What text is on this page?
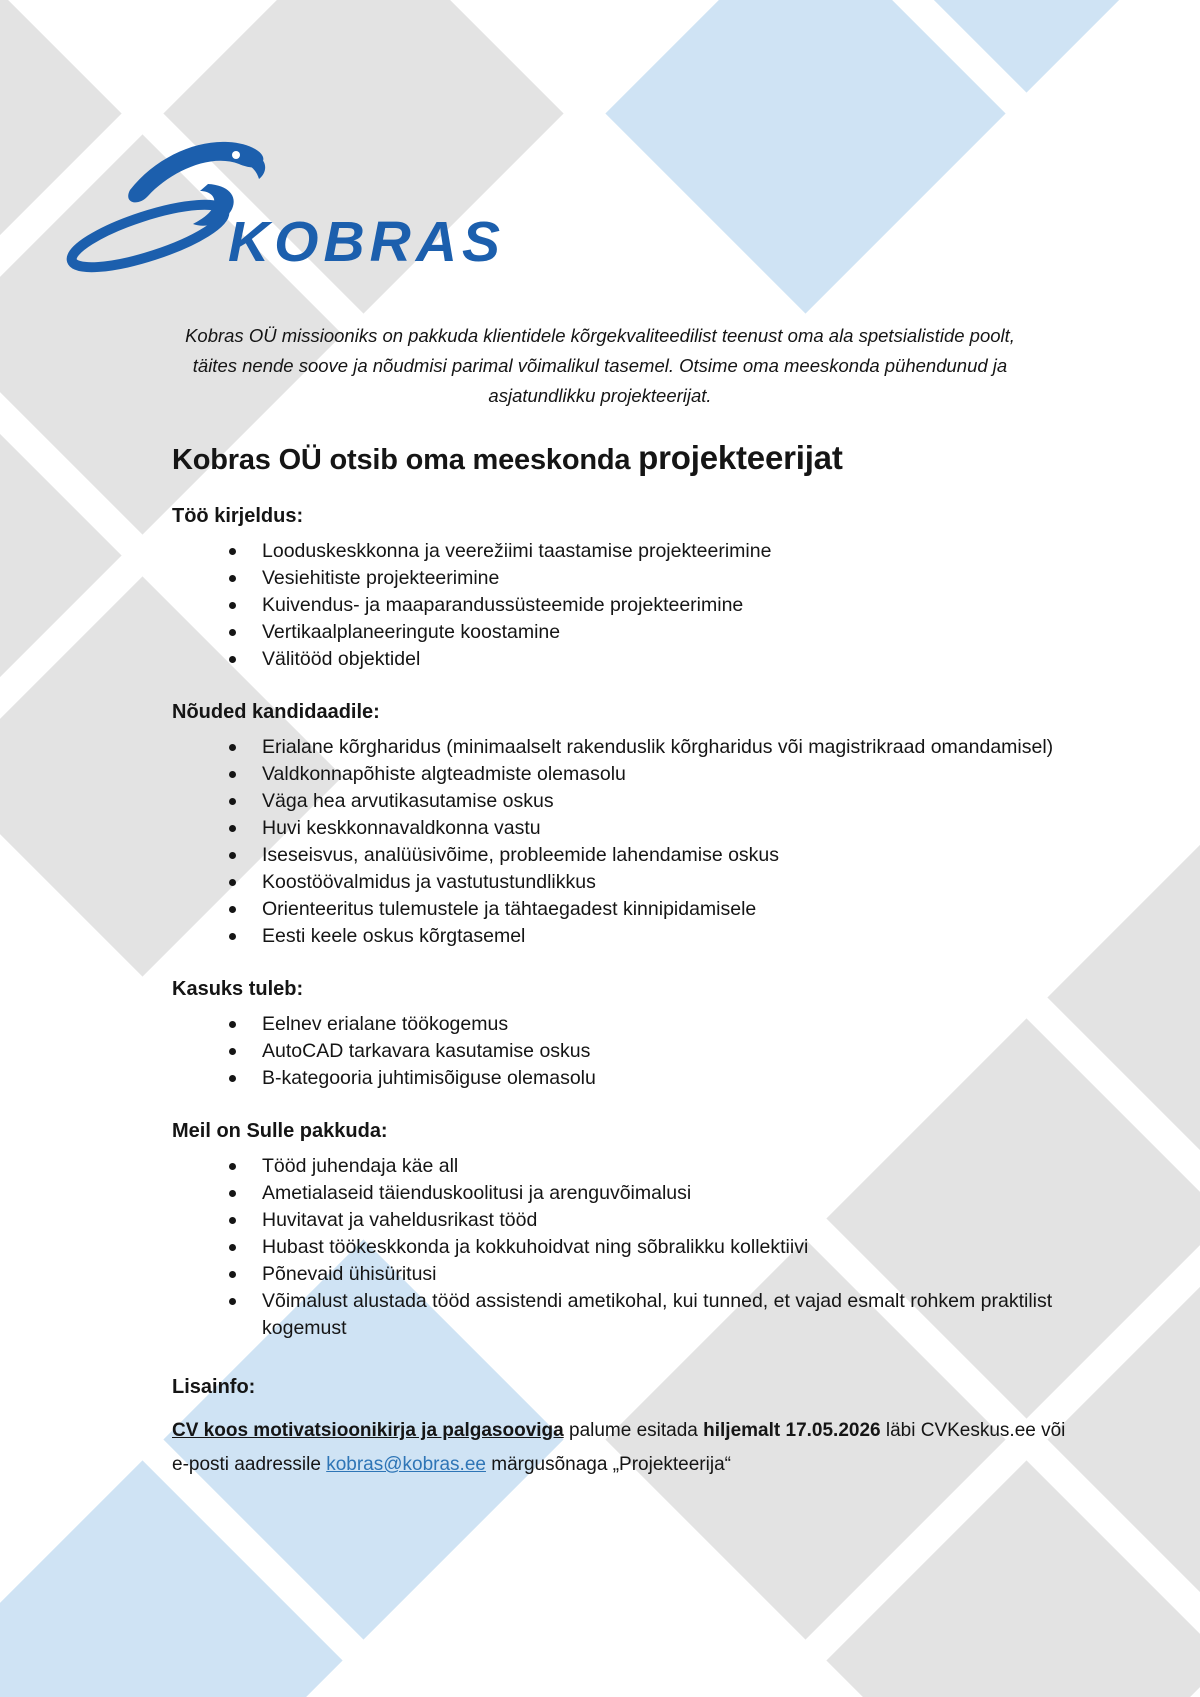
KOBRAS

Kobras OÜ missiooniks on pakkuda klientidele kõrgekvaliteedilist teenust oma ala spetsialistide poolt, täites nende soove ja nõudmisi parimal võimalikul tasemel. Otsime oma meeskonda pühendunud ja asjatundlikku projekteerijat.

Kobras OÜ otsib oma meeskonda projekteerijat
Töö kirjeldus:
Looduskeskkonna ja veerežiimi taastamise projekteerimine
Vesiehitiste projekteerimine
Kuivendus- ja maaparandussüsteemide projekteerimine
Vertikaalplaneeringute koostamine
Välitööd objektidel
Nõuded kandidaadile:
Erialane kõrgharidus (minimaalselt rakenduslik kõrgharidus või magistrikraad omandamisel)
Valdkonnapõhiste algteadmiste olemasolu
Väga hea arvutikasutamise oskus
Huvi keskkonnavaldkonna vastu
Iseseisvus, analüüsivõime, probleemide lahendamise oskus
Koostöövalmidus ja vastutustundlikkus
Orienteeritus tulemustele ja tähtaegadest kinnipidamisele
Eesti keele oskus kõrgtasemel
Kasuks tuleb:
Eelnev erialane töökogemus
AutoCAD tarkavara kasutamise oskus
B-kategooria juhtimisõiguse olemasolu
Meil on Sulle pakkuda:
Tööd juhendaja käe all
Ametialaseid täienduskoolitusi ja arenguvõimalusi
Huvitavat ja vaheldusrikast tööd
Hubast töökeskkonda ja kokkuhoidvat ning sõbralikku kollektiivi
Põnevaid ühisüritusi
Võimalust alustada tööd assistendi ametikohal, kui tunned, et vajad esmalt rohkem praktilist kogemust
Lisainfo:

CV koos motivatsioonikirja ja palgasooviga palume esitada hiljemalt 17.05.2026 läbi CVKeskus.ee või e-posti aadressile kobras@kobras.ee märgusõnaga „Projekteerija“
